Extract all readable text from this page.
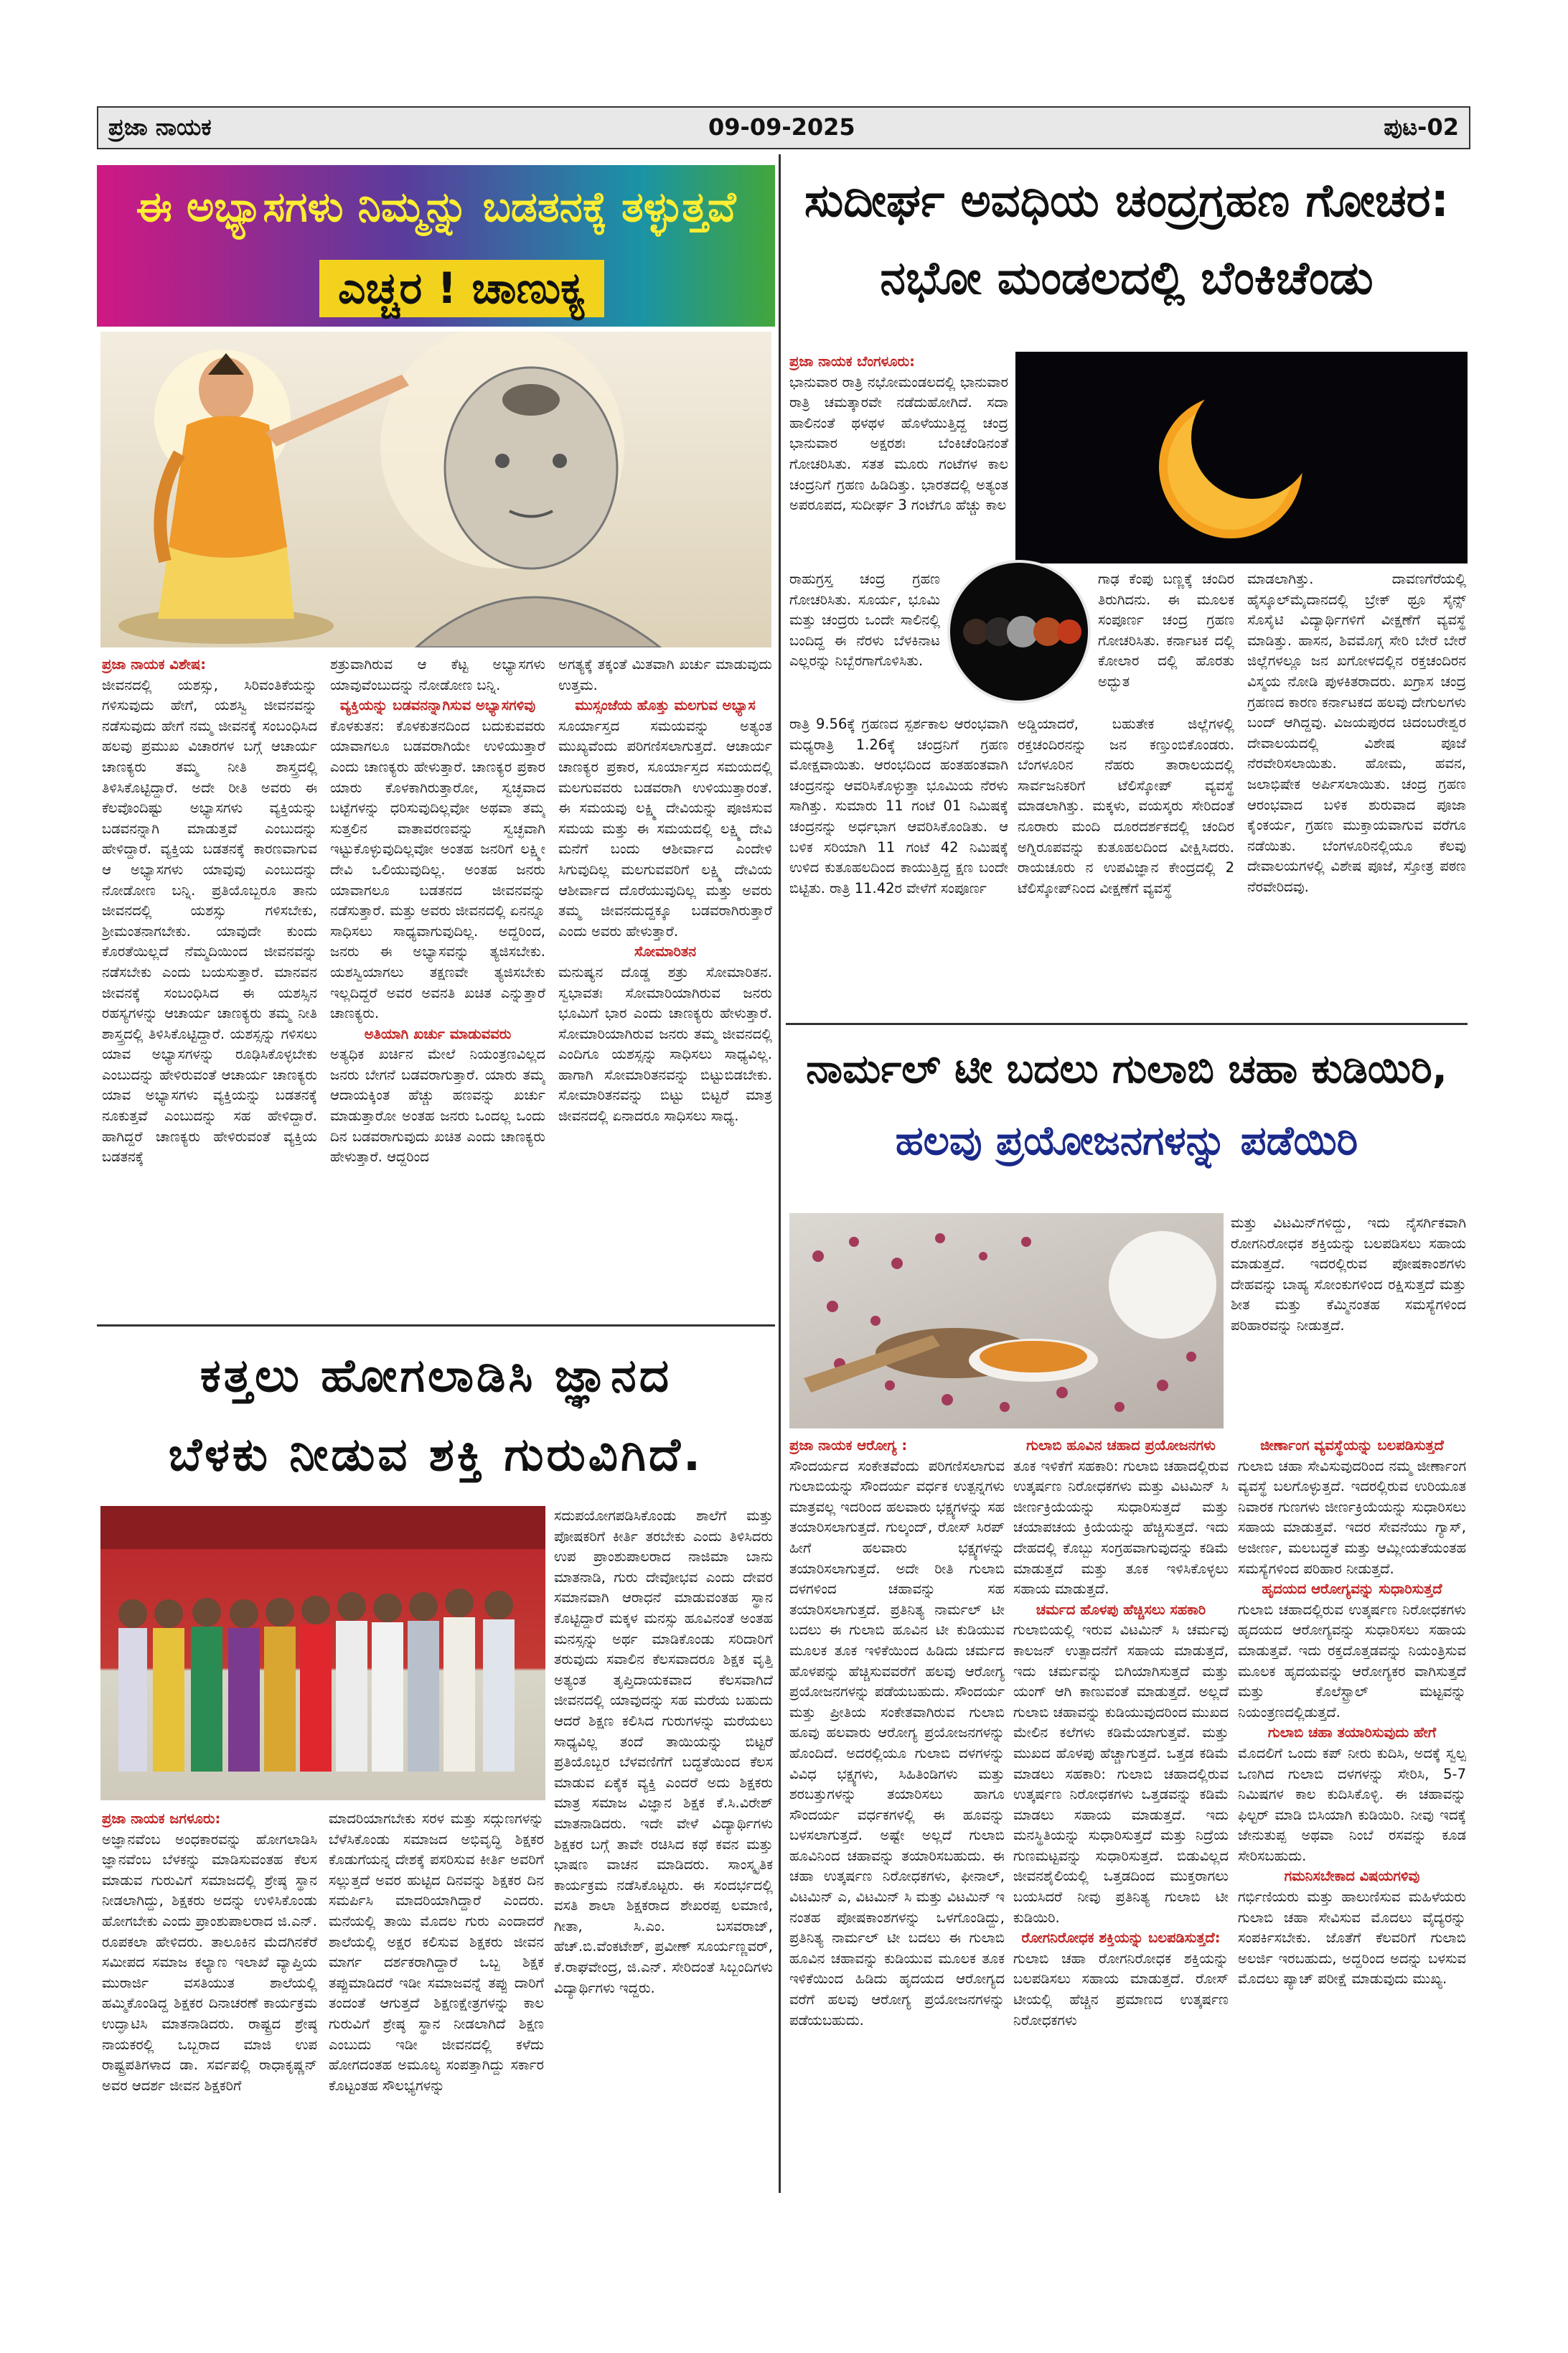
ಪ್ರಜಾ ನಾಯಕ	09-09-2025	ಪುಟ-02
ಈ ಅಭ್ಯಾಸಗಳು ನಿಮ್ಮನ್ನು ಬಡತನಕ್ಕೆ ತಳ್ಳುತ್ತವೆ
ಎಚ್ಚರ ! ಚಾಣುಕ್ಯ
ಪ್ರಜಾ ನಾಯಕ ವಿಶೇಷ:

ಜೀವನದಲ್ಲಿ ಯಶಸ್ಸು, ಸಿರಿವಂತಿಕೆಯನ್ನು ಗಳಿಸುವುದು ಹೇಗೆ, ಯಶಸ್ವಿ ಜೀವನವನ್ನು ನಡೆಸುವುದು ಹೇಗೆ ನಮ್ಮ ಜೀವನಕ್ಕೆ ಸಂಬಂಧಿಸಿದ ಹಲವು ಪ್ರಮುಖ ವಿಚಾರಗಳ ಬಗ್ಗೆ ಆಚಾರ್ಯ ಚಾಣಕ್ಯರು ತಮ್ಮ ನೀತಿ ಶಾಸ್ತ್ರದಲ್ಲಿ ತಿಳಿಸಿಕೊಟ್ಟಿದ್ದಾರೆ. ಅದೇ ರೀತಿ ಅವರು ಈ ಕೆಲವೊಂದಿಷ್ಟು ಅಭ್ಯಾಸಗಳು ವ್ಯಕ್ತಿಯನ್ನು ಬಡವನನ್ನಾಗಿ ಮಾಡುತ್ತವೆ ಎಂಬುದನ್ನು ಹೇಳಿದ್ದಾರೆ. ವ್ಯಕ್ತಿಯ ಬಡತನಕ್ಕೆ ಕಾರಣವಾಗುವ ಆ ಅಭ್ಯಾಸಗಳು ಯಾವುವು ಎಂಬುದನ್ನು ನೋಡೋಣ ಬನ್ನಿ. ಪ್ರತಿಯೊಬ್ಬರೂ ತಾನು ಜೀವನದಲ್ಲಿ ಯಶಸ್ಸು ಗಳಿಸಬೇಕು, ಶ್ರೀಮಂತನಾಗಬೇಕು. ಯಾವುದೇ ಕುಂದು ಕೊರತೆಯಿಲ್ಲದೆ ನೆಮ್ಮದಿಯಿಂದ ಜೀವನವನ್ನು ನಡೆಸಬೇಕು ಎಂದು ಬಯಸುತ್ತಾರೆ. ಮಾನವನ ಜೀವನಕ್ಕೆ ಸಂಬಂಧಿಸಿದ ಈ ಯಶಸ್ಸಿನ ರಹಸ್ಯಗಳನ್ನು ಆಚಾರ್ಯ ಚಾಣಕ್ಯರು ತಮ್ಮ ನೀತಿ ಶಾಸ್ತ್ರದಲ್ಲಿ ತಿಳಿಸಿಕೊಟ್ಟಿದ್ದಾರೆ. ಯಶಸ್ಸನ್ನು ಗಳಿಸಲು ಯಾವ ಅಭ್ಯಾಸಗಳನ್ನು ರೂಢಿಸಿಕೊಳ್ಳಬೇಕು ಎಂಬುದನ್ನು ಹೇಳಿರುವಂತೆ ಆಚಾರ್ಯ ಚಾಣಕ್ಯರು ಯಾವ ಅಭ್ಯಾಸಗಳು ವ್ಯಕ್ತಿಯನ್ನು ಬಡತನಕ್ಕೆ ನೂಕುತ್ತವೆ ಎಂಬುದನ್ನು ಸಹ ಹೇಳಿದ್ದಾರೆ. ಹಾಗಿದ್ದರೆ ಚಾಣಕ್ಯರು ಹೇಳಿರುವಂತೆ ವ್ಯಕ್ತಿಯ ಬಡತನಕ್ಕೆ

ಶತ್ರುವಾಗಿರುವ ಆ ಕೆಟ್ಟ ಅಭ್ಯಾಸಗಳು ಯಾವುವೆಂಬುದನ್ನು ನೋಡೋಣ ಬನ್ನಿ.

ವ್ಯಕ್ತಿಯನ್ನು ಬಡವನನ್ನಾಗಿಸುವ ಅಭ್ಯಾಸಗಳಿವು

ಕೊಳಕುತನ: ಕೊಳಕುತನದಿಂದ ಬದುಕುವವರು ಯಾವಾಗಲೂ ಬಡವರಾಗಿಯೇ ಉಳಿಯುತ್ತಾರೆ ಎಂದು ಚಾಣಕ್ಯರು ಹೇಳುತ್ತಾರೆ. ಚಾಣಕ್ಯರ ಪ್ರಕಾರ ಯಾರು ಕೊಳಕಾಗಿರುತ್ತಾರೋ, ಸ್ವಚ್ಛವಾದ ಬಟ್ಟೆಗಳನ್ನು ಧರಿಸುವುದಿಲ್ಲವೋ ಅಥವಾ ತಮ್ಮ ಸುತ್ತಲಿನ ವಾತಾವರಣವನ್ನು ಸ್ವಚ್ಛವಾಗಿ ಇಟ್ಟುಕೊಳ್ಳುವುದಿಲ್ಲವೋ ಅಂತಹ ಜನರಿಗೆ ಲಕ್ಷ್ಮೀ ದೇವಿ ಒಲಿಯುವುದಿಲ್ಲ. ಅಂತಹ ಜನರು ಯಾವಾಗಲೂ ಬಡತನದ ಜೀವನವನ್ನು ನಡೆಸುತ್ತಾರೆ. ಮತ್ತು ಅವರು ಜೀವನದಲ್ಲಿ ಏನನ್ನೂ ಸಾಧಿಸಲು ಸಾಧ್ಯವಾಗುವುದಿಲ್ಲ. ಅದ್ದರಿಂದ, ಜನರು ಈ ಅಭ್ಯಾಸವನ್ನು ತ್ಯಜಿಸಬೇಕು. ಯಶಸ್ವಿಯಾಗಲು ತಕ್ಷಣವೇ ತ್ಯಜಿಸಬೇಕು ಇಲ್ಲದಿದ್ದರೆ ಅವರ ಅವನತಿ ಖಚಿತ ಎನ್ನುತ್ತಾರೆ ಚಾಣಕ್ಯರು.

ಅತಿಯಾಗಿ ಖರ್ಚು ಮಾಡುವವರು

ಅತ್ಯಧಿಕ ಖರ್ಚಿನ ಮೇಲೆ ನಿಯಂತ್ರಣವಿಲ್ಲದ ಜನರು ಬೇಗನೆ ಬಡವರಾಗುತ್ತಾರೆ. ಯಾರು ತಮ್ಮ ಆದಾಯಕ್ಕಿಂತ ಹೆಚ್ಚು ಹಣವನ್ನು ಖರ್ಚು ಮಾಡುತ್ತಾರೋ ಅಂತಹ ಜನರು ಒಂದಲ್ಲ ಒಂದು ದಿನ ಬಡವರಾಗುವುದು ಖಚಿತ ಎಂದು ಚಾಣಕ್ಯರು ಹೇಳುತ್ತಾರೆ. ಆದ್ದರಿಂದ

ಅಗತ್ಯಕ್ಕೆ ತಕ್ಕಂತೆ ಮಿತವಾಗಿ ಖರ್ಚು ಮಾಡುವುದು ಉತ್ತಮ.

ಮುಸ್ಸಂಜೆಯ ಹೊತ್ತು ಮಲಗುವ ಅಭ್ಯಾಸ

ಸೂರ್ಯಾಸ್ತದ ಸಮಯವನ್ನು ಅತ್ಯಂತ ಮುಖ್ಯವೆಂದು ಪರಿಗಣಿಸಲಾಗುತ್ತದೆ. ಆಚಾರ್ಯ ಚಾಣಕ್ಯರ ಪ್ರಕಾರ, ಸೂರ್ಯಾಸ್ತದ ಸಮಯದಲ್ಲಿ ಮಲಗುವವರು ಬಡವರಾಗಿ ಉಳಿಯುತ್ತಾರಂತೆ. ಈ ಸಮಯವು ಲಕ್ಷ್ಮಿ ದೇವಿಯನ್ನು ಪೂಜಿಸುವ ಸಮಯ ಮತ್ತು ಈ ಸಮಯದಲ್ಲಿ ಲಕ್ಷ್ಮಿ ದೇವಿ ಮನೆಗೆ ಬಂದು ಆಶೀರ್ವಾದ ಎಂದೇಳಿ ಸಿಗುವುದಿಲ್ಲ ಮಲಗುವವರಿಗೆ ಲಕ್ಷ್ಮಿ ದೇವಿಯ ಆಶೀರ್ವಾದ ದೊರೆಯುವುದಿಲ್ಲ ಮತ್ತು ಅವರು ತಮ್ಮ ಜೀವನದುದ್ದಕ್ಕೂ ಬಡವರಾಗಿರುತ್ತಾರೆ ಎಂದು ಅವರು ಹೇಳುತ್ತಾರೆ.

ಸೋಮಾರಿತನ

ಮನುಷ್ಯನ ದೊಡ್ಡ ಶತ್ರು ಸೋಮಾರಿತನ. ಸ್ವಭಾವತಃ ಸೋಮಾರಿಯಾಗಿರುವ ಜನರು ಭೂಮಿಗೆ ಭಾರ ಎಂದು ಚಾಣಕ್ಯರು ಹೇಳುತ್ತಾರೆ. ಸೋಮಾರಿಯಾಗಿರುವ ಜನರು ತಮ್ಮ ಜೀವನದಲ್ಲಿ ಎಂದಿಗೂ ಯಶಸ್ಸನ್ನು ಸಾಧಿಸಲು ಸಾಧ್ಯವಿಲ್ಲ. ಹಾಗಾಗಿ ಸೋಮಾರಿತನವನ್ನು ಬಿಟ್ಟುಬಿಡಬೇಕು. ಸೋಮಾರಿತನವನ್ನು ಬಿಟ್ಟು ಬಿಟ್ಟರೆ ಮಾತ್ರ ಜೀವನದಲ್ಲಿ ಏನಾದರೂ ಸಾಧಿಸಲು ಸಾಧ್ಯ.

ಸುದೀರ್ಘ ಅವಧಿಯ ಚಂದ್ರಗ್ರಹಣ ಗೋಚರ:
ನಭೋ ಮಂಡಲದಲ್ಲಿ ಬೆಂಕಿಚೆಂಡು
ಪ್ರಜಾ ನಾಯಕ ಬೆಂಗಳೂರು:

ಭಾನುವಾರ ರಾತ್ರಿ ನಭೋಮಂಡಲದಲ್ಲಿ ಭಾನುವಾರ ರಾತ್ರಿ ಚಮತ್ಕಾರವೇ ನಡೆದುಹೋಗಿದೆ. ಸದಾ ಹಾಲಿನಂತೆ ಥಳಥಳ ಹೊಳೆಯುತ್ತಿದ್ದ ಚಂದ್ರ ಭಾನುವಾರ ಅಕ್ಷರಶಃ ಬೆಂಕಿಚೆಂಡಿನಂತೆ ಗೋಚರಿಸಿತು. ಸತತ ಮೂರು ಗಂಟೆಗಳ ಕಾಲ ಚಂದ್ರನಿಗೆ ಗ್ರಹಣ ಹಿಡಿದಿತ್ತು. ಭಾರತದಲ್ಲಿ ಅತ್ಯಂತ ಅಪರೂಪದ, ಸುದೀರ್ಘ 3 ಗಂಟೆಗೂ ಹೆಚ್ಚು ಕಾಲ

ರಾಹುಗ್ರಸ್ತ ಚಂದ್ರ ಗ್ರಹಣ ಗೋಚರಿಸಿತು. ಸೂರ್ಯ, ಭೂಮಿ ಮತ್ತು ಚಂದ್ರರು ಒಂದೇ ಸಾಲಿನಲ್ಲಿ ಬಂದಿದ್ದ ಈ ನೆರಳು ಬೆಳಕಿನಾಟ ಎಲ್ಲರನ್ನು ನಿಬ್ಬೆರಗಾಗೊಳಿಸಿತು.

ರಾತ್ರಿ 9.56ಕ್ಕೆ ಗ್ರಹಣದ ಸ್ಪರ್ಶಕಾಲ ಆರಂಭವಾಗಿ ಮಧ್ಯರಾತ್ರಿ 1.26ಕ್ಕೆ ಚಂದ್ರನಿಗೆ ಗ್ರಹಣ ಮೋಕ್ಷವಾಯಿತು. ಆರಂಭದಿಂದ ಹಂತಹಂತವಾಗಿ ಚಂದ್ರನನ್ನು ಆವರಿಸಿಕೊಳ್ಳುತ್ತಾ ಭೂಮಿಯ ನೆರಳು ಸಾಗಿತ್ತು. ಸುಮಾರು 11 ಗಂಟೆ 01 ನಿಮಿಷಕ್ಕೆ ಚಂದ್ರನನ್ನು ಅರ್ಧಭಾಗ ಆವರಿಸಿಕೊಂಡಿತು. ಆ ಬಳಿಕ ಸರಿಯಾಗಿ 11 ಗಂಟೆ 42 ನಿಮಿಷಕ್ಕೆ ಉಳಿದ ಕುತೂಹಲದಿಂದ ಕಾಯುತ್ತಿದ್ದ ಕ್ಷಣ ಬಂದೇ ಬಿಟ್ಟಿತು. ರಾತ್ರಿ 11.42ರ ವೇಳೆಗೆ ಸಂಪೂರ್ಣ

ಗಾಢ ಕೆಂಪು ಬಣ್ಣಕ್ಕೆ ಚಂದಿರ ತಿರುಗಿದನು. ಈ ಮೂಲಕ ಸಂಪೂರ್ಣ ಚಂದ್ರ ಗ್ರಹಣ ಗೋಚರಿಸಿತು. ಕರ್ನಾಟಕ ದಲ್ಲಿ ಕೋಲಾರ ದಲ್ಲಿ ಹೊರತು ಅದ್ಭುತ

ಅಡ್ಡಿಯಾದರೆ, ಬಹುತೇಕ ಜಿಲ್ಲೆಗಳಲ್ಲಿ ರಕ್ತಚಂದಿರನನ್ನು ಜನ ಕಣ್ತುಂಬಿಕೊಂಡರು. ಬೆಂಗಳೂರಿನ ನೆಹರು ತಾರಾಲಯದಲ್ಲಿ ಸಾರ್ವಜನಿಕರಿಗೆ ಟೆಲಿಸ್ಕೋಪ್ ವ್ಯವಸ್ಥೆ ಮಾಡಲಾಗಿತ್ತು. ಮಕ್ಕಳು, ವಯಸ್ಕರು ಸೇರಿದಂತೆ ನೂರಾರು ಮಂದಿ ದೂರದರ್ಶಕದಲ್ಲಿ ಚಂದಿರ ಅಗ್ನಿರೂಪವನ್ನು ಕುತೂಹಲದಿಂದ ವೀಕ್ಷಿಸಿದರು. ರಾಯಚೂರು ನ ಉಪವಿಜ್ಞಾನ ಕೇಂದ್ರದಲ್ಲಿ 2 ಟೆಲಿಸ್ಕೋಪ್‌ನಿಂದ ವೀಕ್ಷಣೆಗೆ ವ್ಯವಸ್ಥೆ

ಮಾಡಲಾಗಿತ್ತು. ದಾವಣಗೆರೆಯಲ್ಲಿ ಹೈಸ್ಕೂಲ್‌ಮೈದಾನದಲ್ಲಿ ಬ್ರೇಕ್ ಥ್ರೂ ಸೈನ್ಸ್ ಸೊಸೈಟಿ ವಿದ್ಯಾರ್ಥಿಗಳಿಗೆ ವೀಕ್ಷಣೆಗೆ ವ್ಯವಸ್ಥೆ ಮಾಡಿತ್ತು. ಹಾಸನ, ಶಿವಮೊಗ್ಗ ಸೇರಿ ಬೇರೆ ಬೇರೆ ಜಿಲ್ಲೆಗಳಲ್ಲೂ ಜನ ಖಗೋಳದಲ್ಲಿನ ರಕ್ತಚಂದಿರನ ವಿಸ್ಮಯ ನೋಡಿ ಪುಳಕಿತರಾದರು. ಖಗ್ರಾಸ ಚಂದ್ರ ಗ್ರಹಣದ ಕಾರಣ ಕರ್ನಾಟಕದ ಹಲವು ದೇಗುಲಗಳು ಬಂದ್ ಆಗಿದ್ದವು. ವಿಜಯಪುರದ ಚಿದಂಬರೇಶ್ವರ ದೇವಾಲಯದಲ್ಲಿ ವಿಶೇಷ ಪೂಜೆ ನೆರವೇರಿಸಲಾಯಿತು. ಹೋಮ, ಹವನ, ಜಲಾಭಿಷೇಕ ಅರ್ಪಿಸಲಾಯಿತು. ಚಂದ್ರ ಗ್ರಹಣ ಆರಂಭವಾದ ಬಳಿಕ ಶುರುವಾದ ಪೂಜಾ ಕೈಂಕರ್ಯ, ಗ್ರಹಣ ಮುಕ್ತಾಯವಾಗುವ ವರೆಗೂ ನಡೆಯಿತು. ಬೆಂಗಳೂರಿನಲ್ಲಿಯೂ ಕೆಲವು ದೇವಾಲಯಗಳಲ್ಲಿ ವಿಶೇಷ ಪೂಜೆ, ಸ್ತೋತ್ರ ಪಠಣ ನೆರವೇರಿದವು.

ಕತ್ತಲು ಹೋಗಲಾಡಿಸಿ ಜ್ಞಾನದ
ಬೆಳಕು ನೀಡುವ ಶಕ್ತಿ ಗುರುವಿಗಿದೆ.

ಸದುಪಯೋಗಪಡಿಸಿಕೊಂಡು ಶಾಲೆಗೆ ಮತ್ತು ಪೋಷಕರಿಗೆ ಕೀರ್ತಿ ತರಬೇಕು ಎಂದು ತಿಳಿಸಿದರು ಉಪ ಪ್ರಾಂಶುಪಾಲರಾದ ನಾಜಿಮಾ ಬಾನು ಮಾತನಾಡಿ, ಗುರು ದೇವೋಭವ ಎಂದು ದೇವರ ಸಮಾನವಾಗಿ ಆರಾಧನೆ ಮಾಡುವಂತಹ ಸ್ಥಾನ ಕೊಟ್ಟಿದ್ದಾರೆ ಮಕ್ಕಳ ಮನಸ್ಸು ಹೂವಿನಂತೆ ಅಂತಹ ಮನಸ್ಸನ್ನು ಅರ್ಥ ಮಾಡಿಕೊಂಡು ಸರಿದಾರಿಗೆ ತರುವುದು ಸವಾಲಿನ ಕೆಲಸವಾದರೂ ಶಿಕ್ಷಕ ವೃತ್ತಿ ಅತ್ಯಂತ ತೃಪ್ತಿದಾಯಕವಾದ ಕೆಲಸವಾಗಿದೆ ಜೀವನದಲ್ಲಿ ಯಾವುದನ್ನು ಸಹ ಮರೆಯ ಬಹುದು ಆದರೆ ಶಿಕ್ಷಣ ಕಲಿಸಿದ ಗುರುಗಳನ್ನು ಮರೆಯಲು ಸಾಧ್ಯವಿಲ್ಲ ತಂದೆ ತಾಯಿಯನ್ನು ಬಿಟ್ಟರೆ ಪ್ರತಿಯೊಬ್ಬರ ಬೆಳವಣಿಗೆಗೆ ಬದ್ಧತೆಯಿಂದ ಕೆಲಸ ಮಾಡುವ ಏಕೈಕ ವ್ಯಕ್ತಿ ಎಂದರೆ ಅದು ಶಿಕ್ಷಕರು ಮಾತ್ರ ಸಮಾಜ ವಿಜ್ಞಾನ ಶಿಕ್ಷಕ ಕೆ.ಸಿ.ವಿರೇಶ್ ಮಾತನಾಡಿದರು. ಇದೇ ವೇಳೆ ವಿದ್ಯಾರ್ಥಿಗಳು ಶಿಕ್ಷಕರ ಬಗ್ಗೆ ತಾವೇ ರಚಿಸಿದ ಕಥೆ ಕವನ ಮತ್ತು ಭಾಷಣ ವಾಚನ ಮಾಡಿದರು. ಸಾಂಸ್ಕೃತಿಕ ಕಾರ್ಯಕ್ರಮ ನಡೆಸಿಕೊಟ್ಟರು. ಈ ಸಂದರ್ಭದಲ್ಲಿ ವಸತಿ ಶಾಲಾ ಶಿಕ್ಷಕರಾದ ಶೇಖರಪ್ಪ ಲಮಾಣಿ, ಗೀತಾ, ಸಿ.ಎಂ. ಬಸವರಾಜ್, ಹೆಚ್.ಬಿ.ವೆಂಕಟೇಶ್, ಪ್ರವೀಣ್ ಸೂರ್ಯಣ್ಣವರ್, ಕೆ.ರಾಘವೇಂದ್ರ, ಜಿ.ಎನ್. ಸೇರಿದಂತೆ ಸಿಬ್ಬಂದಿಗಳು ವಿದ್ಯಾರ್ಥಿಗಳು ಇದ್ದರು.

ಪ್ರಜಾ ನಾಯಕ ಜಗಳೂರು:

ಅಜ್ಞಾನವೆಂಬ ಅಂಧಕಾರವನ್ನು ಹೋಗಲಾಡಿಸಿ ಜ್ಞಾನವೆಂಬ ಬೆಳಕನ್ನು ಮಾಡಿಸುವಂತಹ ಕೆಲಸ ಮಾಡುವ ಗುರುವಿಗೆ ಸಮಾಜದಲ್ಲಿ ಶ್ರೇಷ್ಠ ಸ್ಥಾನ ನೀಡಲಾಗಿದ್ದು, ಶಿಕ್ಷಕರು ಅದನ್ನು ಉಳಿಸಿಕೊಂಡು ಹೋಗಬೇಕು ಎಂದು ಪ್ರಾಂಶುಪಾಲರಾದ ಜಿ.ಎನ್. ರೂಪಕಲಾ ಹೇಳಿದರು. ತಾಲೂಕಿನ ಮೆದಗಿನಕೆರೆ ಸಮೀಪದ ಸಮಾಜ ಕಲ್ಯಾಣ ಇಲಾಖೆ ವ್ಯಾಪ್ತಿಯ ಮುರಾರ್ಜಿ ವಸತಿಯುತ ಶಾಲೆಯಲ್ಲಿ ಹಮ್ಮಿಕೊಂಡಿದ್ದ ಶಿಕ್ಷಕರ ದಿನಾಚರಣೆ ಕಾರ್ಯಕ್ರಮ ಉದ್ಘಾಟಿಸಿ ಮಾತನಾಡಿದರು. ರಾಷ್ಟ್ರದ ಶ್ರೇಷ್ಠ ನಾಯಕರಲ್ಲಿ ಒಬ್ಬರಾದ ಮಾಜಿ ಉಪ ರಾಷ್ಟ್ರಪತಿಗಳಾದ ಡಾ. ಸರ್ವಪಲ್ಲಿ ರಾಧಾಕೃಷ್ಣನ್ ಅವರ ಆದರ್ಶ ಜೀವನ ಶಿಕ್ಷಕರಿಗೆ

ಮಾದರಿಯಾಗಬೇಕು ಸರಳ ಮತ್ತು ಸದ್ಗುಣಗಳನ್ನು ಬೆಳೆಸಿಕೊಂಡು ಸಮಾಜದ ಅಭಿವೃದ್ಧಿ ಶಿಕ್ಷಕರ ಕೊಡುಗೆಯನ್ನ ದೇಶಕ್ಕೆ ಪಸರಿಸುವ ಕೀರ್ತಿ ಅವರಿಗೆ ಸಲ್ಲುತ್ತದೆ ಅವರ ಹುಟ್ಟಿದ ದಿನವನ್ನು ಶಿಕ್ಷಕರ ದಿನ ಸಮರ್ಪಿಸಿ ಮಾದರಿಯಾಗಿದ್ದಾರೆ ಎಂದರು. ಮನೆಯಲ್ಲಿ ತಾಯಿ ಮೊದಲ ಗುರು ಎಂದಾದರೆ ಶಾಲೆಯಲ್ಲಿ ಅಕ್ಷರ ಕಲಿಸುವ ಶಿಕ್ಷಕರು ಜೀವನ ಮಾರ್ಗ ದರ್ಶಕರಾಗಿದ್ದಾರೆ ಒಬ್ಬ ಶಿಕ್ಷಕ ತಪ್ಪುಮಾಡಿದರೆ ಇಡೀ ಸಮಾಜವನ್ನೆ ತಪ್ಪು ದಾರಿಗೆ ತಂದಂತೆ ಆಗುತ್ತದೆ ಶಿಕ್ಷಣಕ್ಷೇತ್ರಗಳನ್ನು ಕಾಲ ಗುರುವಿಗೆ ಶ್ರೇಷ್ಠ ಸ್ಥಾನ ನೀಡಲಾಗಿದೆ ಶಿಕ್ಷಣ ಎಂಬುದು ಇಡೀ ಜೀವನದಲ್ಲಿ ಕಳೆದು ಹೋಗದಂತಹ ಅಮೂಲ್ಯ ಸಂಪತ್ತಾಗಿದ್ದು ಸರ್ಕಾರ ಕೊಟ್ಟಂತಹ ಸೌಲಭ್ಯಗಳನ್ನು

ನಾರ್ಮಲ್ ಟೀ ಬದಲು ಗುಲಾಬಿ ಚಹಾ ಕುಡಿಯಿರಿ,
ಹಲವು ಪ್ರಯೋಜನಗಳನ್ನು ಪಡೆಯಿರಿ

ಮತ್ತು ವಿಟಮಿನ್‌ಗಳಿದ್ದು, ಇದು ನೈಸರ್ಗಿಕವಾಗಿ ರೋಗನಿರೋಧಕ ಶಕ್ತಿಯನ್ನು ಬಲಪಡಿಸಲು ಸಹಾಯ ಮಾಡುತ್ತದೆ. ಇದರಲ್ಲಿರುವ ಪೋಷಕಾಂಶಗಳು ದೇಹವನ್ನು ಬಾಹ್ಯ ಸೋಂಕುಗಳಿಂದ ರಕ್ಷಿಸುತ್ತದೆ ಮತ್ತು ಶೀತ ಮತ್ತು ಕೆಮ್ಮಿನಂತಹ ಸಮಸ್ಯೆಗಳಿಂದ ಪರಿಹಾರವನ್ನು ನೀಡುತ್ತದೆ.

ಪ್ರಜಾ ನಾಯಕ ಆರೋಗ್ಯ :

ಸೌಂದರ್ಯದ ಸಂಕೇತವೆಂದು ಪರಿಗಣಿಸಲಾಗುವ ಗುಲಾಬಿಯನ್ನು ಸೌಂದರ್ಯ ವರ್ಧಕ ಉತ್ಪನ್ನಗಳು ಮಾತ್ರವಲ್ಲ ಇದರಿಂದ ಹಲವಾರು ಭಕ್ಷ್ಯಗಳನ್ನು ಸಹ ತಯಾರಿಸಲಾಗುತ್ತದೆ. ಗುಲ್ಕಂದ್, ರೋಸ್ ಸಿರಪ್ ಹೀಗೆ ಹಲವಾರು ಭಕ್ಷ್ಯಗಳನ್ನು ತಯಾರಿಸಲಾಗುತ್ತದೆ. ಅದೇ ರೀತಿ ಗುಲಾಬಿ ದಳಗಳಿಂದ ಚಹಾವನ್ನು ಸಹ ತಯಾರಿಸಲಾಗುತ್ತದೆ. ಪ್ರತಿನಿತ್ಯ ನಾರ್ಮಲ್ ಟೀ ಬದಲು ಈ ಗುಲಾಬಿ ಹೂವಿನ ಟೀ ಕುಡಿಯುವ ಮೂಲಕ ತೂಕ ಇಳಿಕೆಯಿಂದ ಹಿಡಿದು ಚರ್ಮದ ಹೊಳಪನ್ನು ಹೆಚ್ಚಿಸುವವರೆಗೆ ಹಲವು ಆರೋಗ್ಯ ಪ್ರಯೋಜನಗಳನ್ನು ಪಡೆಯಬಹುದು. ಸೌಂದರ್ಯ ಮತ್ತು ಪ್ರೀತಿಯ ಸಂಕೇತವಾಗಿರುವ ಗುಲಾಬಿ ಹೂವು ಹಲವಾರು ಆರೋಗ್ಯ ಪ್ರಯೋಜನಗಳನ್ನು ಹೊಂದಿದೆ. ಅದರಲ್ಲಿಯೂ ಗುಲಾಬಿ ದಳಗಳನ್ನು ವಿವಿಧ ಭಕ್ಷ್ಯಗಳು, ಸಿಹಿತಿಂಡಿಗಳು ಮತ್ತು ಶರಬತ್ತುಗಳನ್ನು ತಯಾರಿಸಲು ಹಾಗೂ ಸೌಂದರ್ಯ ವರ್ಧಕಗಳಲ್ಲಿ ಈ ಹೂವನ್ನು ಬಳಸಲಾಗುತ್ತದೆ. ಅಷ್ಟೇ ಅಲ್ಲದೆ ಗುಲಾಬಿ ಹೂವಿನಿಂದ ಚಹಾವನ್ನು ತಯಾರಿಸಬಹುದು. ಈ ಚಹಾ ಉತ್ಕರ್ಷಣ ನಿರೋಧಕಗಳು, ಫೀನಾಲ್, ವಿಟಮಿನ್ ಎ, ವಿಟಮಿನ್ ಸಿ ಮತ್ತು ವಿಟಮಿನ್ ಇ ನಂತಹ ಪೋಷಕಾಂಶಗಳನ್ನು ಒಳಗೊಂಡಿದ್ದು, ಪ್ರತಿನಿತ್ಯ ನಾರ್ಮಲ್ ಟೀ ಬದಲು ಈ ಗುಲಾಬಿ ಹೂವಿನ ಚಹಾವನ್ನು ಕುಡಿಯುವ ಮೂಲಕ ತೂಕ ಇಳಿಕೆಯಿಂದ ಹಿಡಿದು ಹೃದಯದ ಆರೋಗ್ಯದ ವರೆಗೆ ಹಲವು ಆರೋಗ್ಯ ಪ್ರಯೋಜನಗಳನ್ನು ಪಡೆಯಬಹುದು.

ಗುಲಾಬಿ ಹೂವಿನ ಚಹಾದ ಪ್ರಯೋಜನಗಳು

ತೂಕ ಇಳಿಕೆಗೆ ಸಹಕಾರಿ: ಗುಲಾಬಿ ಚಹಾದಲ್ಲಿರುವ ಉತ್ಕರ್ಷಣ ನಿರೋಧಕಗಳು ಮತ್ತು ವಿಟಮಿನ್ ಸಿ ಜೀರ್ಣಕ್ರಿಯೆಯನ್ನು ಸುಧಾರಿಸುತ್ತದೆ ಮತ್ತು ಚಯಾಪಚಯ ಕ್ರಿಯೆಯನ್ನು ಹೆಚ್ಚಿಸುತ್ತದೆ. ಇದು ದೇಹದಲ್ಲಿ ಕೊಬ್ಬು ಸಂಗ್ರಹವಾಗುವುದನ್ನು ಕಡಿಮೆ ಮಾಡುತ್ತದೆ ಮತ್ತು ತೂಕ ಇಳಿಸಿಕೊಳ್ಳಲು ಸಹಾಯ ಮಾಡುತ್ತದೆ.

ಚರ್ಮದ ಹೊಳಪು ಹೆಚ್ಚಿಸಲು ಸಹಕಾರಿ

ಗುಲಾಬಿಯಲ್ಲಿ ಇರುವ ವಿಟಮಿನ್ ಸಿ ಚರ್ಮವು ಕಾಲಜನ್ ಉತ್ಪಾದನೆಗೆ ಸಹಾಯ ಮಾಡುತ್ತದೆ, ಇದು ಚರ್ಮವನ್ನು ಬಿಗಿಯಾಗಿಸುತ್ತದೆ ಮತ್ತು ಯಂಗ್ ಆಗಿ ಕಾಣುವಂತೆ ಮಾಡುತ್ತದೆ. ಅಲ್ಲದೆ ಗುಲಾಬಿ ಚಹಾವನ್ನು ಕುಡಿಯುವುದರಿಂದ ಮುಖದ ಮೇಲಿನ ಕಲೆಗಳು ಕಡಿಮೆಯಾಗುತ್ತವೆ. ಮತ್ತು ಮುಖದ ಹೊಳಪು ಹೆಚ್ಚಾಗುತ್ತದೆ. ಒತ್ತಡ ಕಡಿಮೆ ಮಾಡಲು ಸಹಕಾರಿ: ಗುಲಾಬಿ ಚಹಾದಲ್ಲಿರುವ ಉತ್ಕರ್ಷಣ ನಿರೋಧಕಗಳು ಒತ್ತಡವನ್ನು ಕಡಿಮೆ ಮಾಡಲು ಸಹಾಯ ಮಾಡುತ್ತದೆ. ಇದು ಮನಸ್ಥಿತಿಯನ್ನು ಸುಧಾರಿಸುತ್ತದೆ ಮತ್ತು ನಿದ್ರೆಯ ಗುಣಮಟ್ಟವನ್ನು ಸುಧಾರಿಸುತ್ತದೆ. ಬಿಡುವಿಲ್ಲದ ಜೀವನಶೈಲಿಯಲ್ಲಿ ಒತ್ತಡದಿಂದ ಮುಕ್ತರಾಗಲು ಬಯಸಿದರೆ ನೀವು ಪ್ರತಿನಿತ್ಯ ಗುಲಾಬಿ ಟೀ ಕುಡಿಯಿರಿ.

ರೋಗನಿರೋಧಕ ಶಕ್ತಿಯನ್ನು ಬಲಪಡಿಸುತ್ತದೆ:

ಗುಲಾಬಿ ಚಹಾ ರೋಗನಿರೋಧಕ ಶಕ್ತಿಯನ್ನು ಬಲಪಡಿಸಲು ಸಹಾಯ ಮಾಡುತ್ತದೆ. ರೋಸ್ ಟೀಯಲ್ಲಿ ಹೆಚ್ಚಿನ ಪ್ರಮಾಣದ ಉತ್ಕರ್ಷಣ ನಿರೋಧಕಗಳು

ಜೀರ್ಣಾಂಗ ವ್ಯವಸ್ಥೆಯನ್ನು ಬಲಪಡಿಸುತ್ತದೆ

ಗುಲಾಬಿ ಚಹಾ ಸೇವಿಸುವುದರಿಂದ ನಮ್ಮ ಜೀರ್ಣಾಂಗ ವ್ಯವಸ್ಥೆ ಬಲಗೊಳ್ಳುತ್ತದೆ. ಇದರಲ್ಲಿರುವ ಉರಿಯೂತ ನಿವಾರಕ ಗುಣಗಳು ಜೀರ್ಣಕ್ರಿಯೆಯನ್ನು ಸುಧಾರಿಸಲು ಸಹಾಯ ಮಾಡುತ್ತವೆ. ಇದರ ಸೇವನೆಯು ಗ್ಯಾಸ್, ಅಜೀರ್ಣ, ಮಲಬದ್ಧತೆ ಮತ್ತು ಆಮ್ಲೀಯತೆಯಂತಹ ಸಮಸ್ಯೆಗಳಿಂದ ಪರಿಹಾರ ನೀಡುತ್ತದೆ.

ಹೃದಯದ ಆರೋಗ್ಯವನ್ನು ಸುಧಾರಿಸುತ್ತದೆ

ಗುಲಾಬಿ ಚಹಾದಲ್ಲಿರುವ ಉತ್ಕರ್ಷಣ ನಿರೋಧಕಗಳು ಹೃದಯದ ಆರೋಗ್ಯವನ್ನು ಸುಧಾರಿಸಲು ಸಹಾಯ ಮಾಡುತ್ತವೆ. ಇದು ರಕ್ತದೊತ್ತಡವನ್ನು ನಿಯಂತ್ರಿಸುವ ಮೂಲಕ ಹೃದಯವನ್ನು ಆರೋಗ್ಯಕರ ವಾಗಿಸುತ್ತದೆ ಮತ್ತು ಕೊಲೆಸ್ಟ್ರಾಲ್ ಮಟ್ಟವನ್ನು ನಿಯಂತ್ರಣದಲ್ಲಿಡುತ್ತದೆ.

ಗುಲಾಬಿ ಚಹಾ ತಯಾರಿಸುವುದು ಹೇಗೆ

ಮೊದಲಿಗೆ ಒಂದು ಕಪ್ ನೀರು ಕುದಿಸಿ, ಅದಕ್ಕೆ ಸ್ವಲ್ಪ ಒಣಗಿದ ಗುಲಾಬಿ ದಳಗಳನ್ನು ಸೇರಿಸಿ, 5-7 ನಿಮಿಷಗಳ ಕಾಲ ಕುದಿಸಿಕೊಳ್ಳಿ. ಈ ಚಹಾವನ್ನು ಫಿಲ್ಟರ್ ಮಾಡಿ ಬಿಸಿಯಾಗಿ ಕುಡಿಯಿರಿ. ನೀವು ಇದಕ್ಕೆ ಜೇನುತುಪ್ಪ ಅಥವಾ ನಿಂಬೆ ರಸವನ್ನು ಕೂಡ ಸೇರಿಸಬಹುದು.

ಗಮನಿಸಬೇಕಾದ ವಿಷಯಗಳಿವು

ಗರ್ಭಿಣಿಯರು ಮತ್ತು ಹಾಲುಣಿಸುವ ಮಹಿಳೆಯರು ಗುಲಾಬಿ ಚಹಾ ಸೇವಿಸುವ ಮೊದಲು ವೈದ್ಯರನ್ನು ಸಂಪರ್ಕಿಸಬೇಕು. ಜೊತೆಗೆ ಕೆಲವರಿಗೆ ಗುಲಾಬಿ ಅಲರ್ಜಿ ಇರಬಹುದು, ಅದ್ದರಿಂದ ಅದನ್ನು ಬಳಸುವ ಮೊದಲು ಪ್ಯಾಚ್ ಪರೀಕ್ಷೆ ಮಾಡುವುದು ಮುಖ್ಯ.
